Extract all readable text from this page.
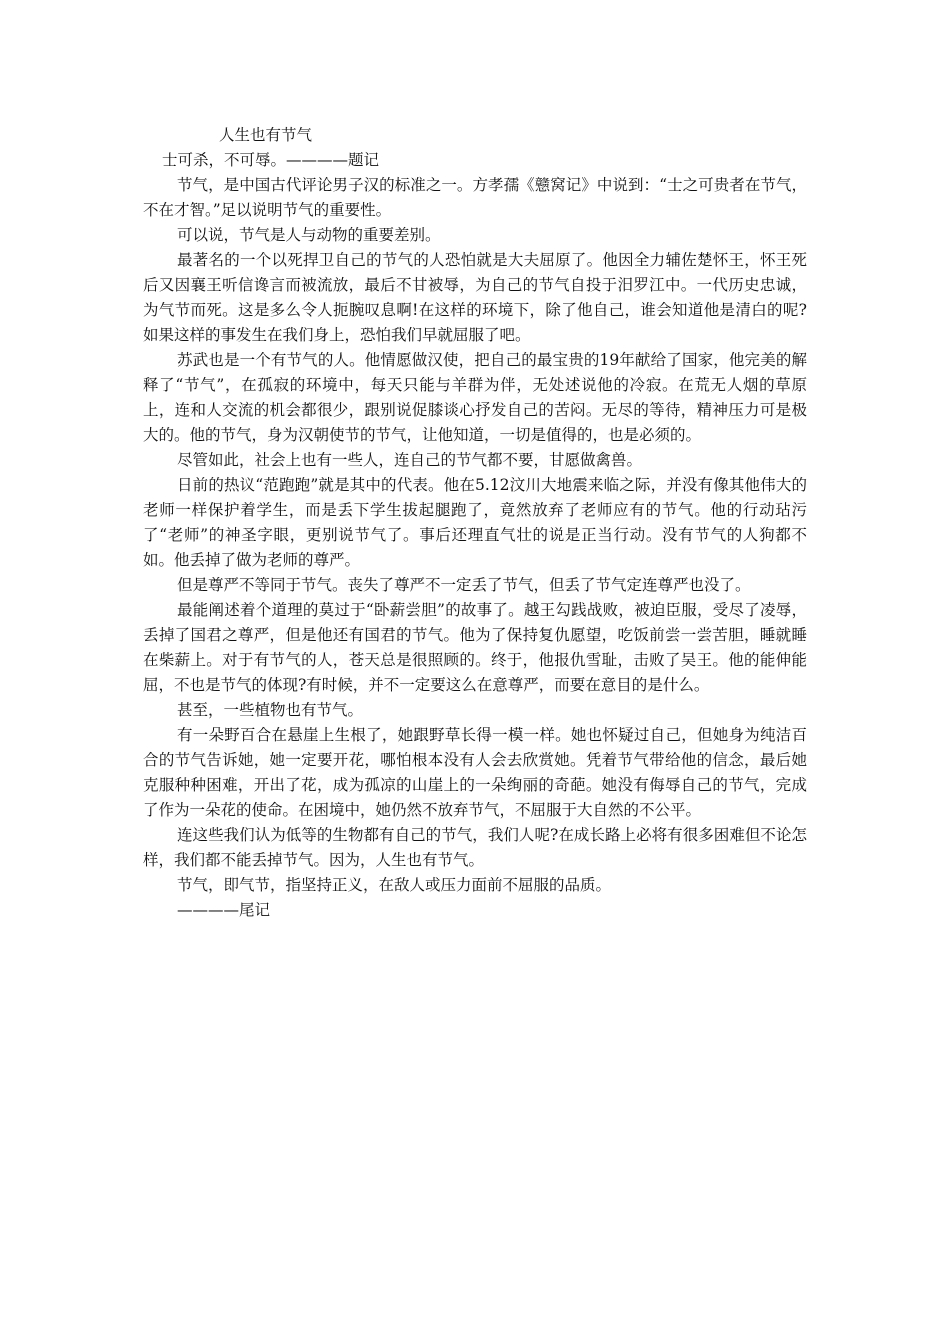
人生也有节气

士可杀，不可辱。————题记

节气，是中国古代评论男子汉的标准之一。方孝孺《戆窝记》中说到：“士之可贵者在节气，不在才智。”足以说明节气的重要性。

可以说，节气是人与动物的重要差别。

最著名的一个以死捍卫自己的节气的人恐怕就是大夫屈原了。他因全力辅佐楚怀王，怀王死后又因襄王听信谗言而被流放，最后不甘被辱，为自己的节气自投于汨罗江中。一代历史忠诚，为气节而死。这是多么令人扼腕叹息啊!在这样的环境下，除了他自己，谁会知道他是清白的呢?如果这样的事发生在我们身上，恐怕我们早就屈服了吧。

苏武也是一个有节气的人。他情愿做汉使，把自己的最宝贵的19年献给了国家，他完美的解释了“节气”，在孤寂的环境中，每天只能与羊群为伴，无处述说他的冷寂。在荒无人烟的草原上，连和人交流的机会都很少，跟别说促膝谈心抒发自己的苦闷。无尽的等待，精神压力可是极大的。他的节气，身为汉朝使节的节气，让他知道，一切是值得的，也是必须的。

尽管如此，社会上也有一些人，连自己的节气都不要，甘愿做禽兽。

日前的热议“范跑跑”就是其中的代表。他在5.12汶川大地震来临之际，并没有像其他伟大的老师一样保护着学生，而是丢下学生拔起腿跑了，竟然放弃了老师应有的节气。他的行动玷污了“老师”的神圣字眼，更别说节气了。事后还理直气壮的说是正当行动。没有节气的人狗都不如。他丢掉了做为老师的尊严。

但是尊严不等同于节气。丧失了尊严不一定丢了节气，但丢了节气定连尊严也没了。

最能阐述着个道理的莫过于“卧薪尝胆”的故事了。越王勾践战败，被迫臣服，受尽了凌辱，丢掉了国君之尊严，但是他还有国君的节气。他为了保持复仇愿望，吃饭前尝一尝苦胆，睡就睡在柴薪上。对于有节气的人，苍天总是很照顾的。终于，他报仇雪耻，击败了吴王。他的能伸能屈，不也是节气的体现?有时候，并不一定要这么在意尊严，而要在意目的是什么。

甚至，一些植物也有节气。

有一朵野百合在悬崖上生根了，她跟野草长得一模一样。她也怀疑过自己，但她身为纯洁百合的节气告诉她，她一定要开花，哪怕根本没有人会去欣赏她。凭着节气带给他的信念，最后她克服种种困难，开出了花，成为孤凉的山崖上的一朵绚丽的奇葩。她没有侮辱自己的节气，完成了作为一朵花的使命。在困境中，她仍然不放弃节气，不屈服于大自然的不公平。

连这些我们认为低等的生物都有自己的节气，我们人呢?在成长路上必将有很多困难但不论怎样，我们都不能丢掉节气。因为，人生也有节气。

节气，即气节，指坚持正义，在敌人或压力面前不屈服的品质。

————尾记
